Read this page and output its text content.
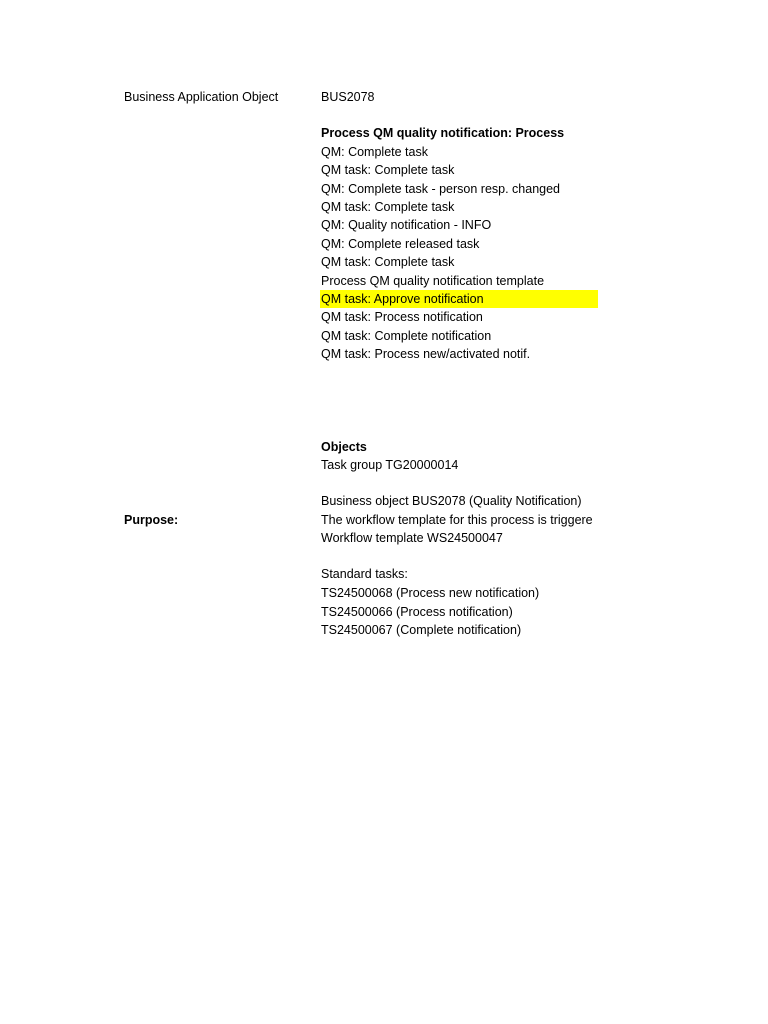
Business Application Object	BUS2078
Process QM quality notification: Process
QM: Complete task
QM task: Complete task
QM: Complete task - person resp. changed
QM task: Complete task
QM: Quality notification - INFO
QM: Complete released task
QM task: Complete task
Process QM quality notification template
QM task: Approve notification
QM task: Process notification
QM task: Complete notification
QM task: Process new/activated notif.
Objects
Task group TG20000014
Business object BUS2078 (Quality Notification)
Purpose:	The workflow template for this process is triggere
Workflow template WS24500047
Standard tasks:
TS24500068 (Process new notification)
TS24500066 (Process notification)
TS24500067 (Complete notification)
